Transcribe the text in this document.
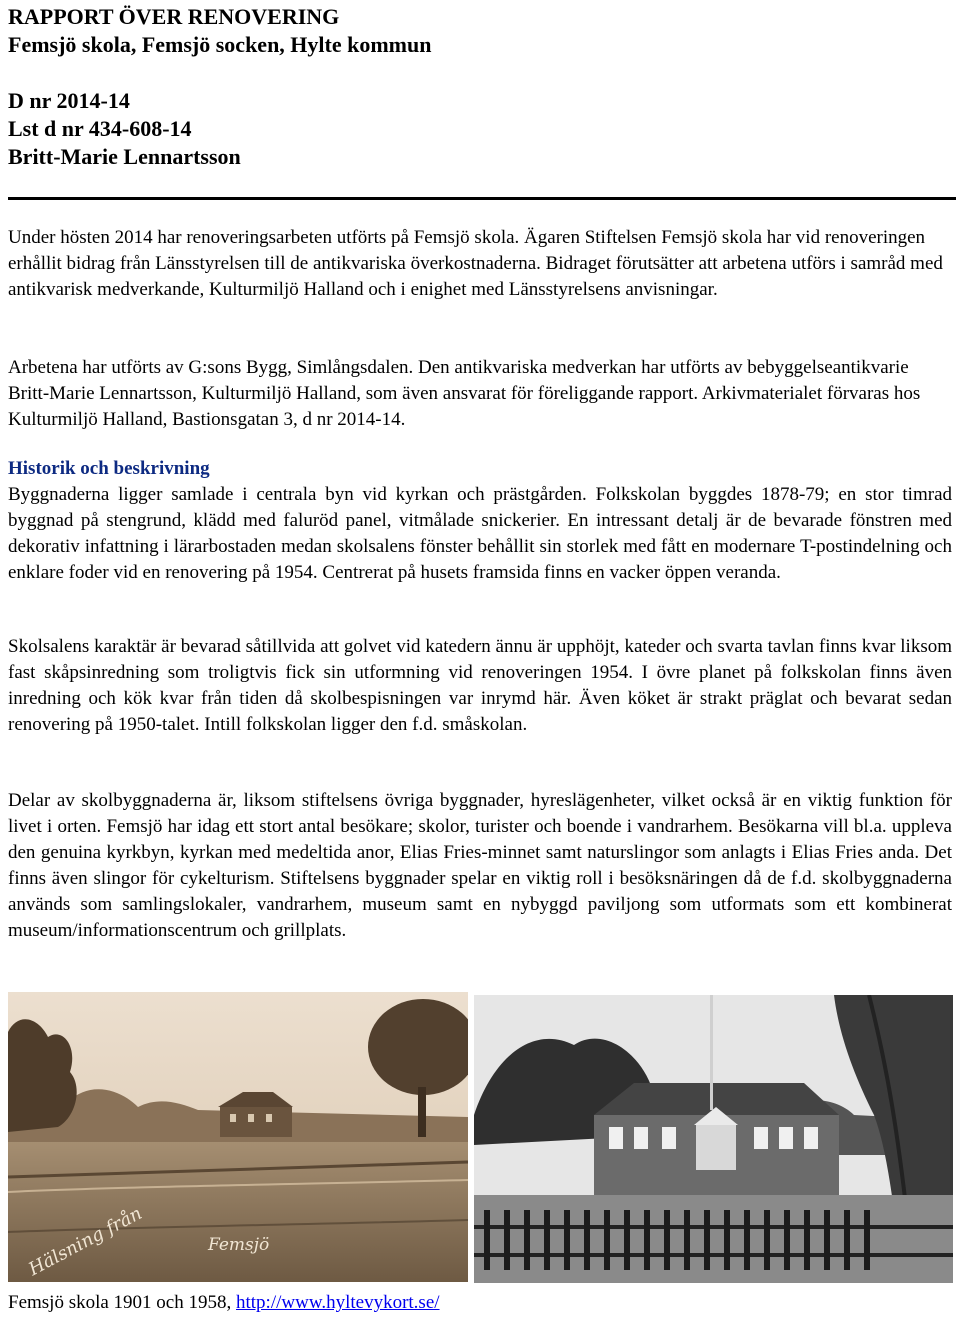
RAPPORT ÖVER RENOVERING
Femsjö skola, Femsjö socken, Hylte kommun
D nr 2014-14
Lst d nr 434-608-14
Britt-Marie Lennartsson

Under hösten 2014 har renoveringsarbeten utförts på Femsjö skola. Ägaren Stiftelsen Femsjö skola har vid renoveringen erhållit bidrag från Länsstyrelsen till de antikvariska överkostnaderna. Bidraget förutsätter att arbetena utförs i samråd med antikvarisk medverkande, Kulturmiljö Halland och i enighet med Länsstyrelsens anvisningar.

Arbetena har utförts av G:sons Bygg, Simlångsdalen. Den antikvariska medverkan har utförts av bebyggelseantikvarie Britt-Marie Lennartsson, Kulturmiljö Halland, som även ansvarat för föreliggande rapport. Arkivmaterialet förvaras hos Kulturmiljö Halland, Bastionsgatan 3, d nr 2014-14.

Historik och beskrivning

Byggnaderna ligger samlade i centrala byn vid kyrkan och prästgården. Folkskolan byggdes 1878-79; en stor timrad byggnad på stengrund, klädd med faluröd panel, vitmålade snickerier. En intressant detalj är de bevarade fönstren med dekorativ infattning i lärarbostaden medan skolsalens fönster behållit sin storlek med fått en modernare T-postindelning och enklare foder vid en renovering på 1954. Centrerat på husets framsida finns en vacker öppen veranda.

Skolsalens karaktär är bevarad såtillvida att golvet vid katedern ännu är upphöjt, kateder och svarta tavlan finns kvar liksom fast skåpsinredning som troligtvis fick sin utformning vid renoveringen 1954. I övre planet på folkskolan finns även inredning och kök kvar från tiden då skolbespisningen var inrymd här. Även köket är strakt präglat och bevarat sedan renovering på 1950-talet. Intill folkskolan ligger den f.d. småskolan.

Delar av skolbyggnaderna är, liksom stiftelsens övriga byggnader, hyreslägenheter, vilket också är en viktig funktion för livet i orten. Femsjö har idag ett stort antal besökare; skolor, turister och boende i vandrarhem. Besökarna vill bl.a. uppleva den genuina kyrkbyn, kyrkan med medeltida anor, Elias Fries-minnet samt naturslingor som anlagts i Elias Fries anda. Det finns även slingor för cykelturism. Stiftelsens byggnader spelar en viktig roll i besöksnäringen då de f.d. skolbyggnaderna används som samlingslokaler, vandrarhem, museum samt en nybyggd paviljong som utformats som ett kombinerat museum/informationscentrum och grillplats.

Hälsning från	Femsjö
Femsjö skola 1901 och 1958, http://www.hyltevykort.se/
